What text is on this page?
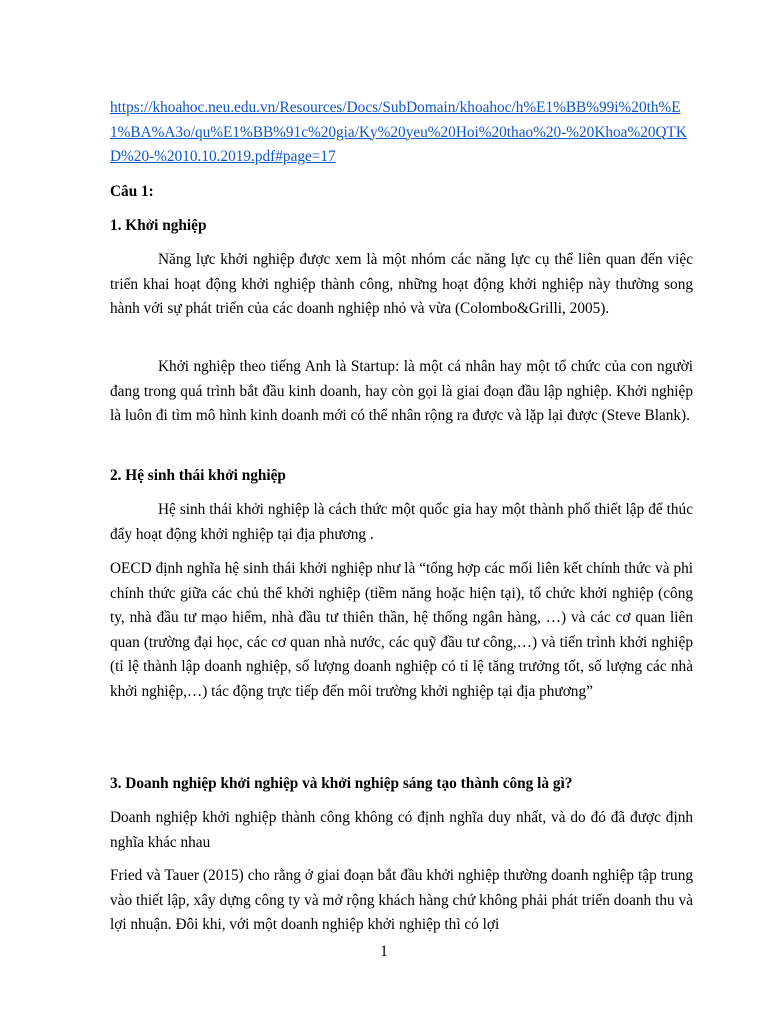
https://khoahoc.neu.edu.vn/Resources/Docs/SubDomain/khoahoc/h%E1%BB%99i%20th%E1%BA%A3o/qu%E1%BB%91c%20gia/Ky%20yeu%20Hoi%20thao%20-%20Khoa%20QTKD%20-%2010.10.2019.pdf#page=17
Câu 1:
1. Khởi nghiệp
Năng lực khởi nghiệp được xem là một nhóm các năng lực cụ thể liên quan đến việc triển khai hoạt động khởi nghiệp thành công, những hoạt động khởi nghiệp này thường song hành với sự phát triển của các doanh nghiệp nhỏ và vừa (Colombo&Grilli, 2005).
Khởi nghiệp theo tiếng Anh là Startup: là một cá nhân hay một tổ chức của con người đang trong quá trình bắt đầu kinh doanh, hay còn gọi là giai đoạn đầu lập nghiệp. Khởi nghiệp là luôn đi tìm mô hình kinh doanh mới có thể nhân rộng ra được và lặp lại được (Steve Blank).
2. Hệ sinh thái khởi nghiệp
Hệ sinh thái khởi nghiệp là cách thức một quốc gia hay một thành phố thiết lập để thúc đẩy hoạt động khởi nghiệp tại địa phương .
OECD định nghĩa hệ sinh thái khởi nghiệp như là “tổng hợp các mối liên kết chính thức và phi chính thức giữa các chủ thể khởi nghiệp (tiềm năng hoặc hiện tại), tổ chức khởi nghiệp (công ty, nhà đầu tư mạo hiểm, nhà đầu tư thiên thần, hệ thống ngân hàng, …) và các cơ quan liên quan (trường đại học, các cơ quan nhà nước, các quỹ đầu tư công,…) và tiến trình khởi nghiệp (tỉ lệ thành lập doanh nghiệp, số lượng doanh nghiệp có tỉ lệ tăng trưởng tốt, số lượng các nhà khởi nghiệp,…) tác động trực tiếp đến môi trường khởi nghiệp tại địa phương”
3. Doanh nghiệp khởi nghiệp và khởi nghiệp sáng tạo thành công là gì?
Doanh nghiệp khởi nghiệp thành công không có định nghĩa duy nhất, và do đó đã được định nghĩa khác nhau
Fried và Tauer (2015) cho rằng ở giai đoạn bắt đầu khởi nghiệp thường doanh nghiệp tập trung vào thiết lập, xây dựng công ty và mở rộng khách hàng chứ không phải phát triển doanh thu và lợi nhuận. Đôi khi, với một doanh nghiệp khởi nghiệp thì có lợi
1
